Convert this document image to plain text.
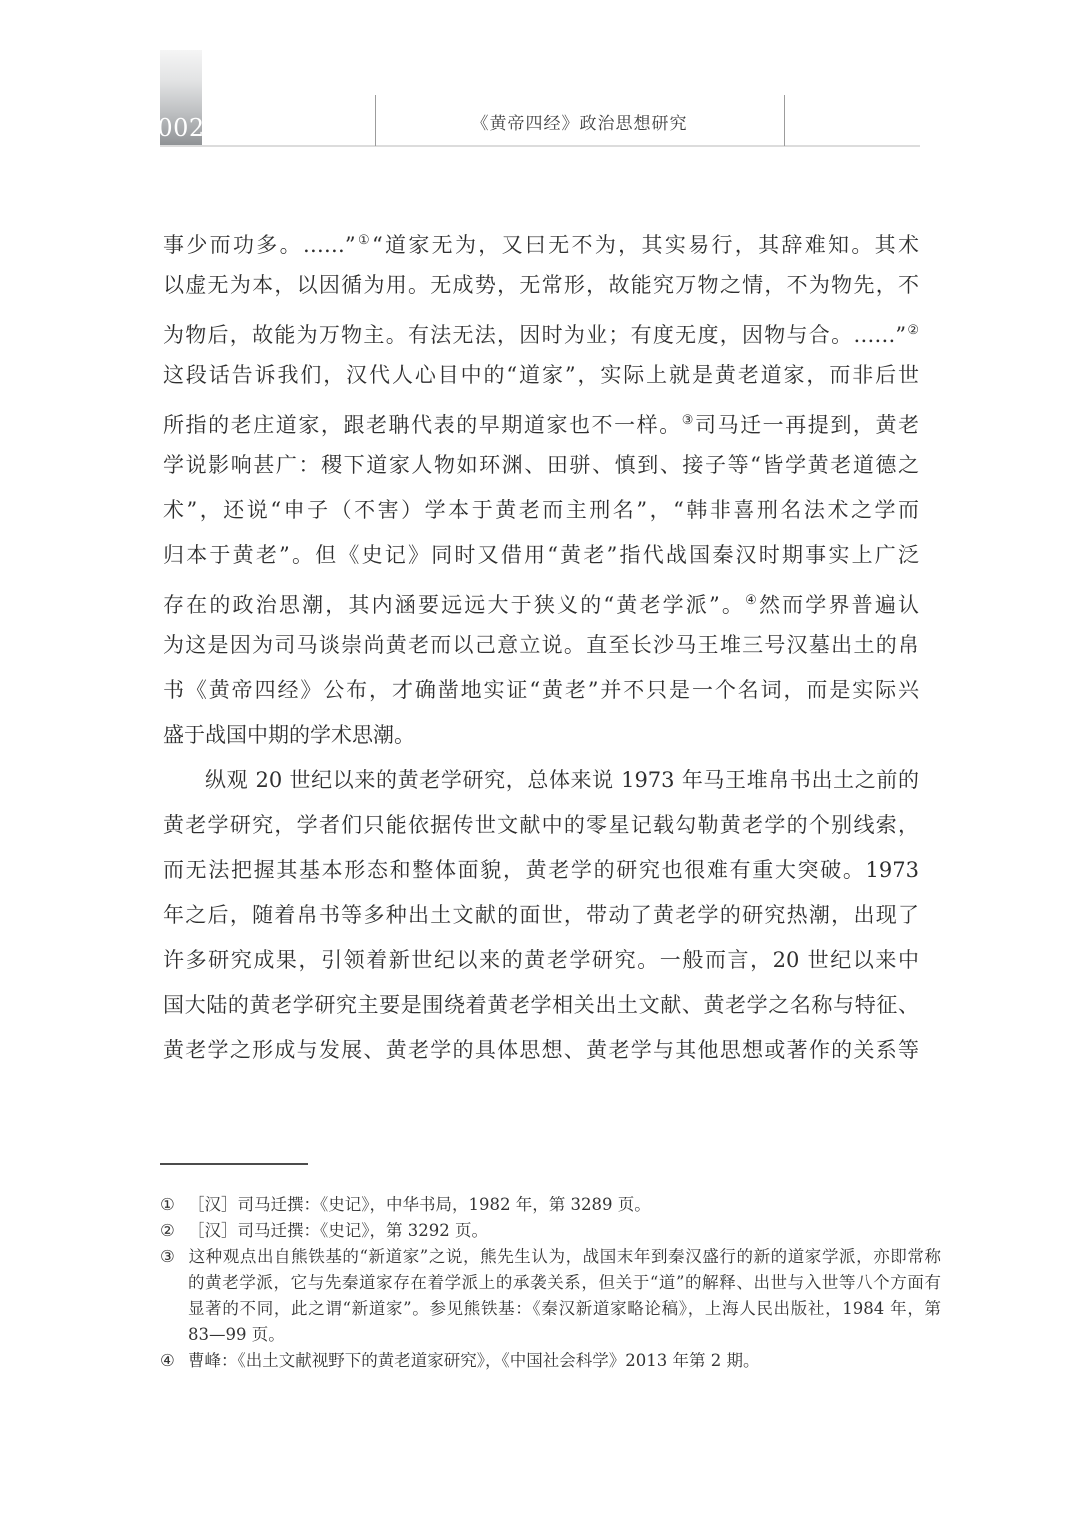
002	《黄帝四经》政治思想研究
事少而功多。……”①“道家无为，又曰无不为，其实易行，其辞难知。其术
以虚无为本，以因循为用。无成势，无常形，故能究万物之情，不为物先，不
为物后，故能为万物主。有法无法，因时为业；有度无度，因物与合。……”②
这段话告诉我们，汉代人心目中的“道家”，实际上就是黄老道家，而非后世
所指的老庄道家，跟老聃代表的早期道家也不一样。③司马迁一再提到，黄老
学说影响甚广：稷下道家人物如环渊、田骈、慎到、接子等“皆学黄老道德之
术”，还说“申子（不害）学本于黄老而主刑名”，“韩非喜刑名法术之学而
归本于黄老”。但《史记》同时又借用“黄老”指代战国秦汉时期事实上广泛
存在的政治思潮，其内涵要远远大于狭义的“黄老学派”。④然而学界普遍认
为这是因为司马谈崇尚黄老而以己意立说。直至长沙马王堆三号汉墓出土的帛
书《黄帝四经》公布，才确凿地实证“黄老”并不只是一个名词，而是实际兴
盛于战国中期的学术思潮。
纵观 20 世纪以来的黄老学研究，总体来说 1973 年马王堆帛书出土之前的
黄老学研究，学者们只能依据传世文献中的零星记载勾勒黄老学的个别线索，
而无法把握其基本形态和整体面貌，黄老学的研究也很难有重大突破。1973
年之后，随着帛书等多种出土文献的面世，带动了黄老学的研究热潮，出现了
许多研究成果，引领着新世纪以来的黄老学研究。一般而言，20 世纪以来中
国大陆的黄老学研究主要是围绕着黄老学相关出土文献、黄老学之名称与特征、
黄老学之形成与发展、黄老学的具体思想、黄老学与其他思想或著作的关系等
① ［汉］司马迁撰：《史记》，中华书局，1982 年，第 3289 页。
② ［汉］司马迁撰：《史记》，第 3292 页。
③ 这种观点出自熊铁基的“新道家”之说，熊先生认为，战国末年到秦汉盛行的新的道家学派，亦即常称
的黄老学派，它与先秦道家存在着学派上的承袭关系，但关于“道”的解释、出世与入世等八个方面有
显著的不同，此之谓“新道家”。参见熊铁基：《秦汉新道家略论稿》，上海人民出版社，1984 年，第
83—99 页。
④ 曹峰：《出土文献视野下的黄老道家研究》，《中国社会科学》2013 年第 2 期。
